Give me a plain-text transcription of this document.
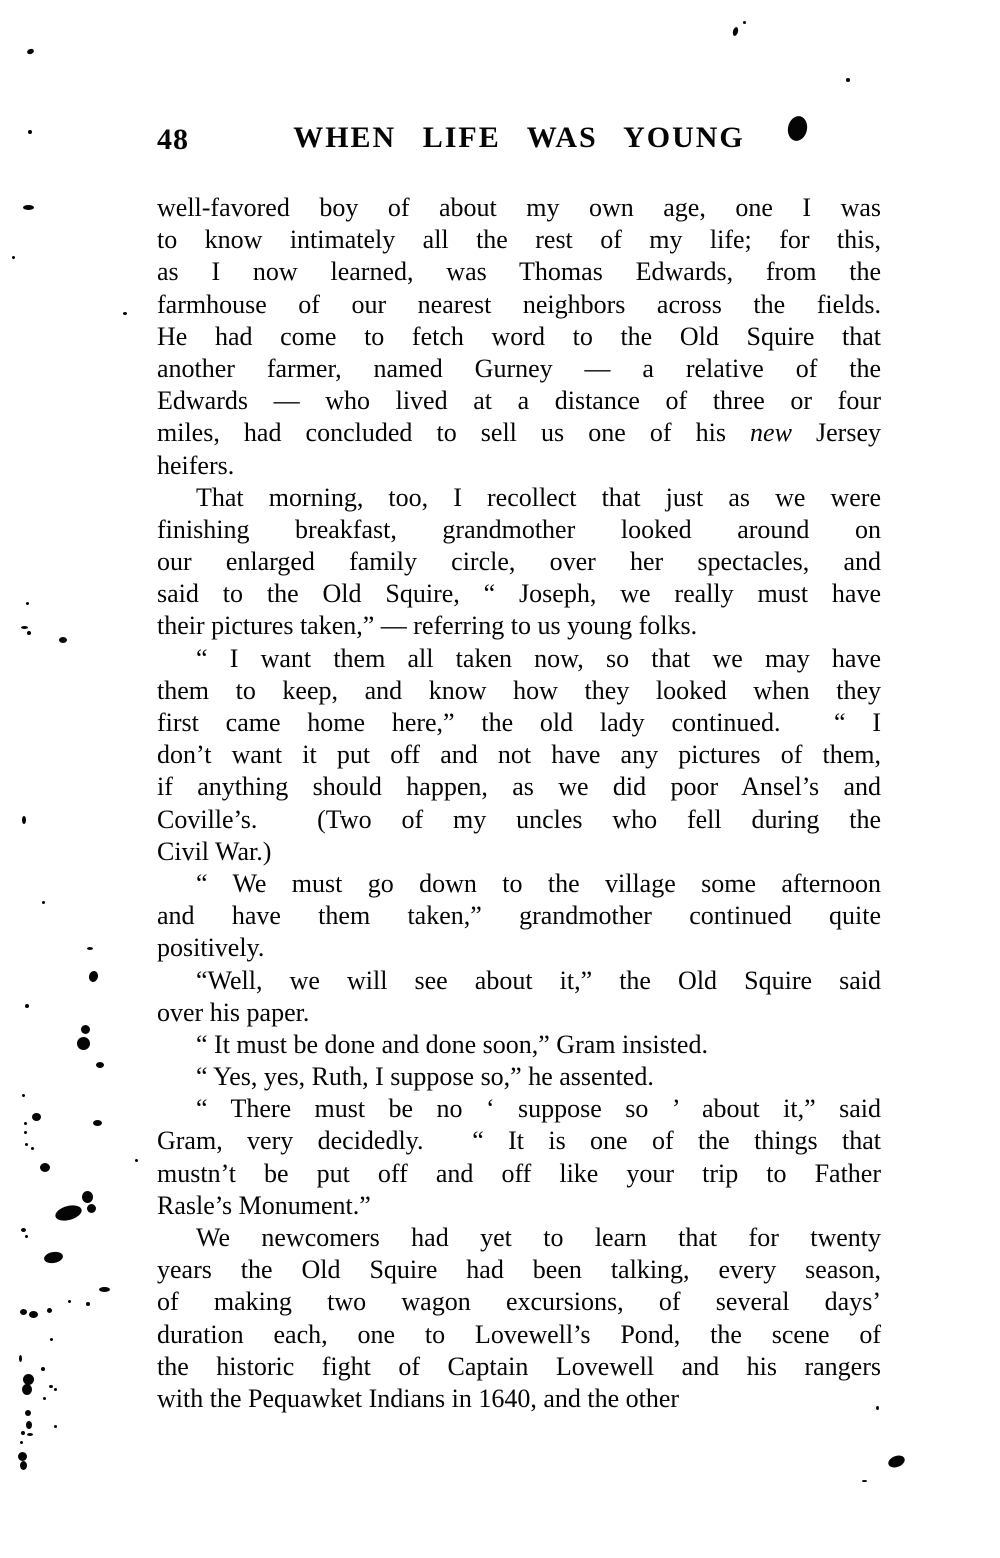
48	WHEN LIFE WAS YOUNG
well-favored boy of about my own age, one I was
to know intimately all the rest of my life; for this,
as I now learned, was Thomas Edwards, from the
farmhouse of our nearest neighbors across the fields.
He had come to fetch word to the Old Squire that
another farmer, named Gurney — a relative of the
Edwards — who lived at a distance of three or four
miles, had concluded to sell us one of his new Jersey
heifers.
That morning, too, I recollect that just as we were
finishing breakfast, grandmother looked around on
our enlarged family circle, over her spectacles, and
said to the Old Squire, “ Joseph, we really must have
their pictures taken,” — referring to us young folks.
“ I want them all taken now, so that we may have
them to keep, and know how they looked when they
first came home here,” the old lady continued.  “ I
don’t want it put off and not have any pictures of them,
if anything should happen, as we did poor Ansel’s and
Coville’s.  (Two of my uncles who fell during the
Civil War.)
“ We must go down to the village some afternoon
and have them taken,” grandmother continued quite
positively.
“Well, we will see about it,” the Old Squire said
over his paper.
“ It must be done and done soon,” Gram insisted.
“ Yes, yes, Ruth, I suppose so,” he assented.
“ There must be no ‘ suppose so ’ about it,” said
Gram, very decidedly.  “ It is one of the things that
mustn’t be put off and off like your trip to Father
Rasle’s Monument.”
We newcomers had yet to learn that for twenty
years the Old Squire had been talking, every season,
of making two wagon excursions, of several days’
duration each, one to Lovewell’s Pond, the scene of
the historic fight of Captain Lovewell and his rangers
with the Pequawket Indians in 1640, and the other
